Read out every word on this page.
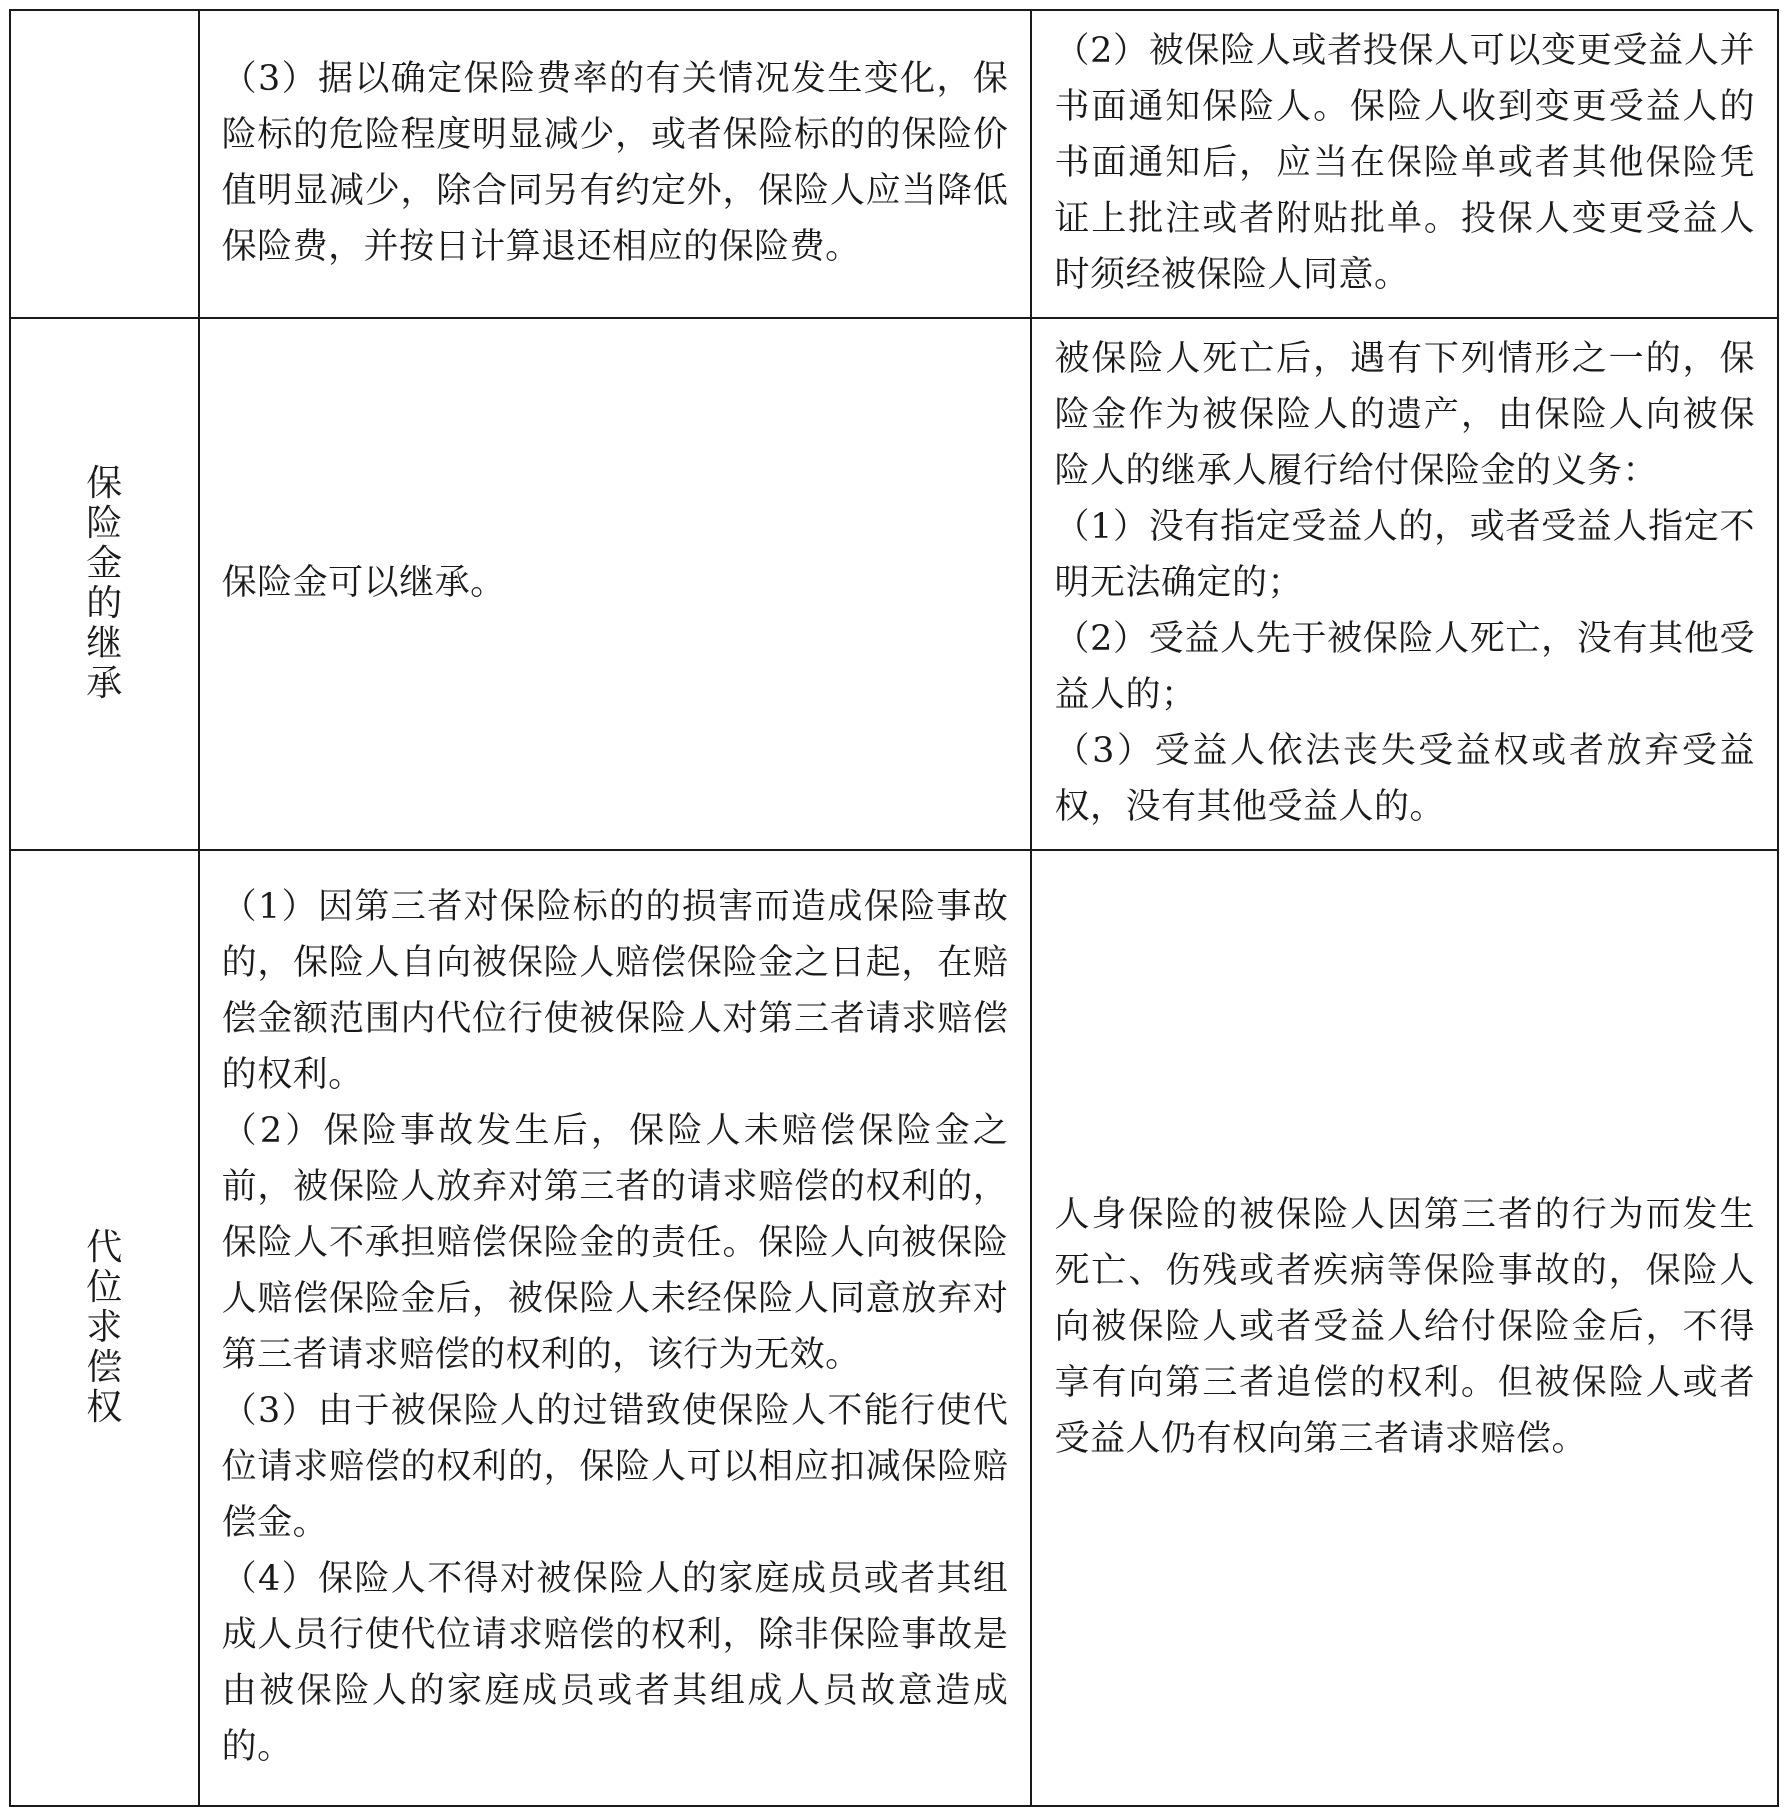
	（3）据以确定保险费率的有关情况发生变化，保险标的危险程度明显减少，或者保险标的的保险价值明显减少，除合同另有约定外，保险人应当降低保险费，并按日计算退还相应的保险费。	（2）被保险人或者投保人可以变更受益人并书面通知保险人。保险人收到变更受益人的书面通知后，应当在保险单或者其他保险凭证上批注或者附贴批单。投保人变更受益人时须经被保险人同意。

保险金的继承	保险金可以继承。	被保险人死亡后，遇有下列情形之一的，保险金作为被保险人的遗产，由保险人向被保险人的继承人履行给付保险金的义务：

（1）没有指定受益人的，或者受益人指定不明无法确定的；

（2）受益人先于被保险人死亡，没有其他受益人的；

（3）受益人依法丧失受益权或者放弃受益权，没有其他受益人的。

代位求偿权	（1）因第三者对保险标的的损害而造成保险事故的，保险人自向被保险人赔偿保险金之日起，在赔偿金额范围内代位行使被保险人对第三者请求赔偿的权利。

（2）保险事故发生后，保险人未赔偿保险金之前，被保险人放弃对第三者的请求赔偿的权利的，保险人不承担赔偿保险金的责任。保险人向被保险人赔偿保险金后，被保险人未经保险人同意放弃对第三者请求赔偿的权利的，该行为无效。

（3）由于被保险人的过错致使保险人不能行使代位请求赔偿的权利的，保险人可以相应扣减保险赔偿金。

（4）保险人不得对被保险人的家庭成员或者其组成人员行使代位请求赔偿的权利，除非保险事故是由被保险人的家庭成员或者其组成人员故意造成的。	人身保险的被保险人因第三者的行为而发生死亡、伤残或者疾病等保险事故的，保险人向被保险人或者受益人给付保险金后，不得享有向第三者追偿的权利。但被保险人或者受益人仍有权向第三者请求赔偿。
